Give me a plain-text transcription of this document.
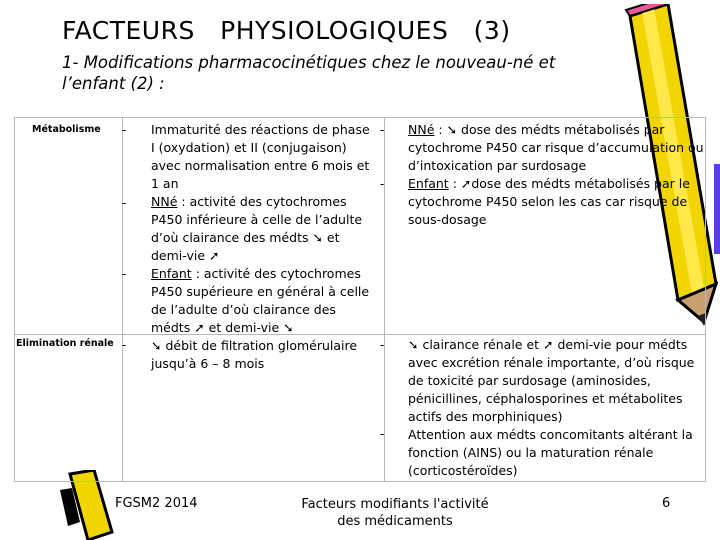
FACTEURS PHYSIOLOGIQUES (3)
1- Modifications pharmacocinétiques chez le nouveau-né et l’enfant (2) :
Métabolisme
Elimination rénale
-
-
-
-
-
-
-
-

Immaturité des réactions de phase I (oxydation) et II (conjugaison) avec normalisation entre 6 mois et 1 an

NNé : activité des cytochromes P450 inférieure à celle de l’adulte d’où clairance des médts ➘ et demi-vie ➚

Enfant : activité des cytochromes P450 supérieure en général à celle de l’adulte d’où clairance des médts ➚ et demi-vie ➘

➘ débit de filtration glomérulaire jusqu’à 6 – 8 mois

NNé : ➘ dose des médts métabolisés par cytochrome P450 car risque d’accumulation ou d’intoxication par surdosage

Enfant : ➚dose des médts métabolisés par le cytochrome P450 selon les cas car risque de sous-dosage

➘ clairance rénale et ➚ demi-vie pour médts avec excrétion rénale importante, d’où risque de toxicité par surdosage (aminosides, pénicillines, céphalosporines et métabolites actifs des morphiniques)

Attention aux médts concomitants altérant la fonction (AINS) ou la maturation rénale (corticostéroïdes)

FGSM2 2014	Facteurs modifiants l'activité des médicaments
6
